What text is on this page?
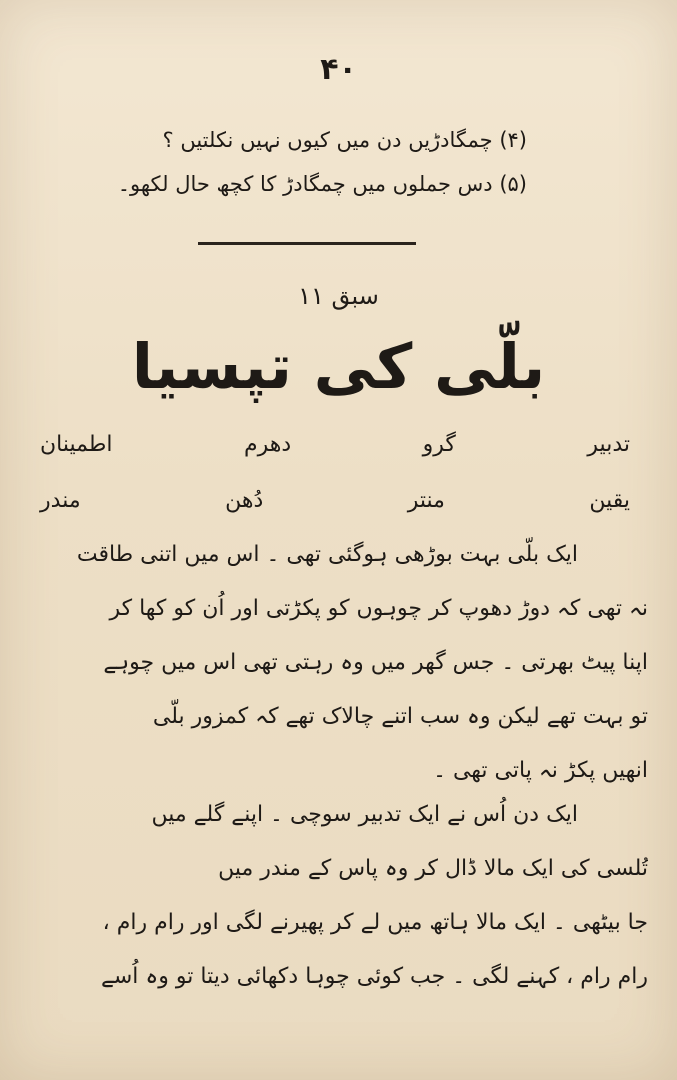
۴۰
(۴) چمگادڑیں دن میں کیوں نہیں نکلتیں ؟
(۵) دس جملوں میں چمگادڑ کا کچھ حال لکھو۔
سبق ۱۱
بلّی کی تپسیا
تدبیر
گرو
دھرم
اطمینان
یقین
منتر
دُھن
مندر
ایک بلّی بہت بوڑھی ہوگئی تھی ۔ اس میں اتنی طاقت
نہ تھی کہ دوڑ دھوپ کر چوہوں کو پکڑتی اور اُن کو کھا کر
اپنا پیٹ بھرتی ۔ جس گھر میں وہ رہتی تھی اس میں چوہے
تو بہت تھے لیکن وہ سب اتنے چالاک تھے کہ کمزور بلّی
انھیں پکڑ نہ پاتی تھی ۔
ایک دن اُس نے ایک تدبیر سوچی ۔ اپنے گلے میں
تُلسی کی ایک مالا ڈال کر وہ پاس کے مندر میں
جا بیٹھی ۔ ایک مالا ہاتھ میں لے کر پھیرنے لگی اور رام رام ،
رام رام ، کہنے لگی ۔ جب کوئی چوہا دکھائی دیتا تو وہ اُسے
